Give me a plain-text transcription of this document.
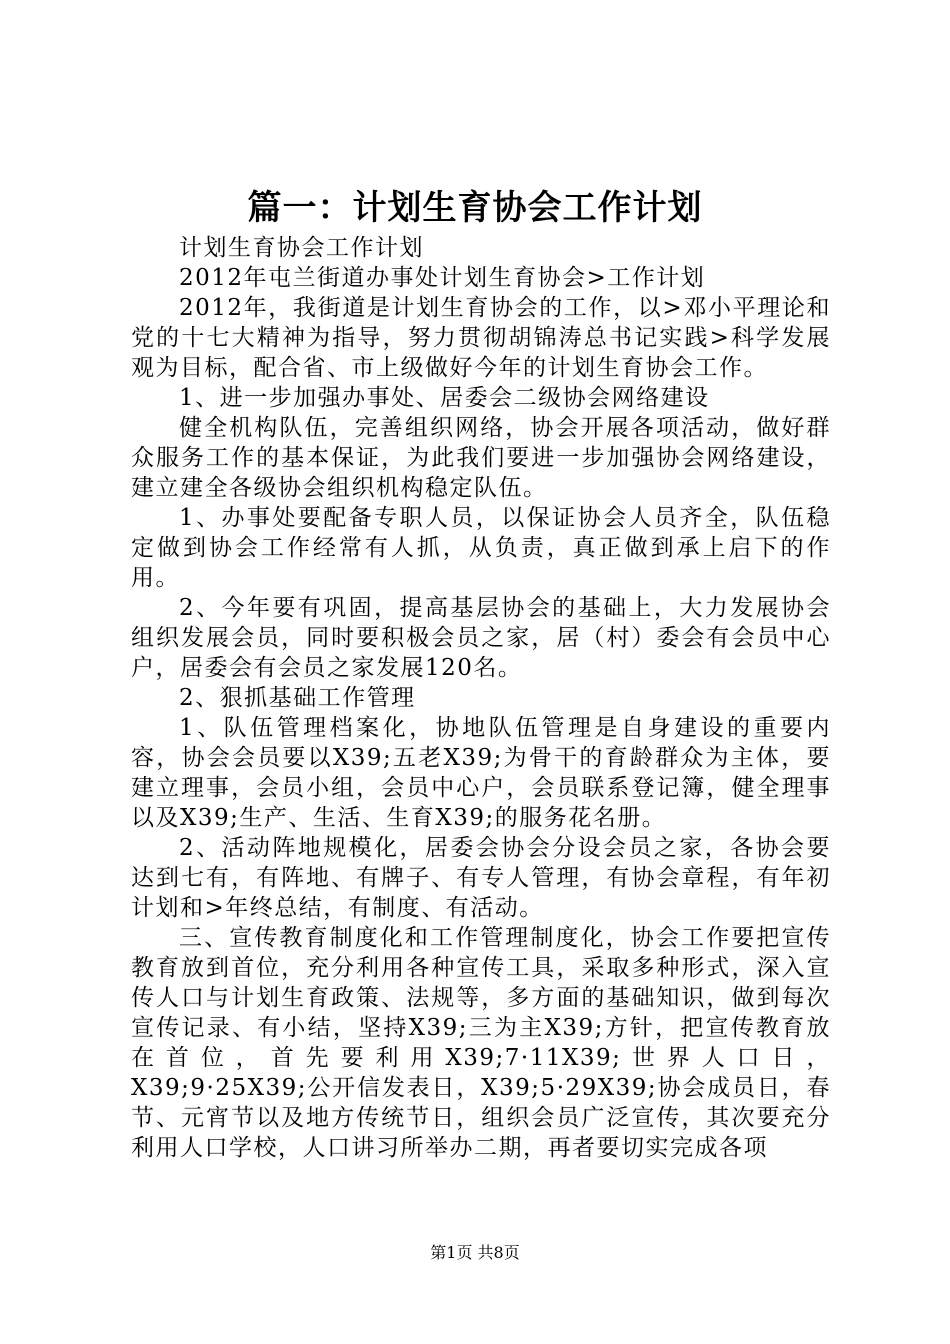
篇一：计划生育协会工作计划

计划生育协会工作计划

2012年屯兰街道办事处计划生育协会>工作计划

2012年，我街道是计划生育协会的工作，以>邓小平理论和党的十七大精神为指导，努力贯彻胡锦涛总书记实践>科学发展观为目标，配合省、市上级做好今年的计划生育协会工作。

1、进一步加强办事处、居委会二级协会网络建设

健全机构队伍，完善组织网络，协会开展各项活动，做好群众服务工作的基本保证，为此我们要进一步加强协会网络建设，建立建全各级协会组织机构稳定队伍。

1、办事处要配备专职人员，以保证协会人员齐全，队伍稳定做到协会工作经常有人抓，从负责，真正做到承上启下的作用。

2、今年要有巩固，提高基层协会的基础上，大力发展协会组织发展会员，同时要积极会员之家，居（村）委会有会员中心户，居委会有会员之家发展120名。

2、狠抓基础工作管理

1、队伍管理档案化，协地队伍管理是自身建设的重要内容，协会会员要以X39;五老X39;为骨干的育龄群众为主体，要建立理事，会员小组，会员中心户，会员联系登记簿，健全理事以及X39;生产、生活、生育X39;的服务花名册。

2、活动阵地规模化，居委会协会分设会员之家，各协会要达到七有，有阵地、有牌子、有专人管理，有协会章程，有年初计划和>年终总结，有制度、有活动。

三、宣传教育制度化和工作管理制度化，协会工作要把宣传教育放到首位，充分利用各种宣传工具，采取多种形式，深入宣传人口与计划生育政策、法规等，多方面的基础知识，做到每次宣传记录、有小结，坚持X39;三为主X39;方针，把宣传教育放在首位，首先要利用X39;7·11X39;世界人口日，X39;9·25X39;公开信发表日，X39;5·29X39;协会成员日，春节、元宵节以及地方传统节日，组织会员广泛宣传，其次要充分利用人口学校，人口讲习所举办二期，再者要切实完成各项

第1页 共8页
